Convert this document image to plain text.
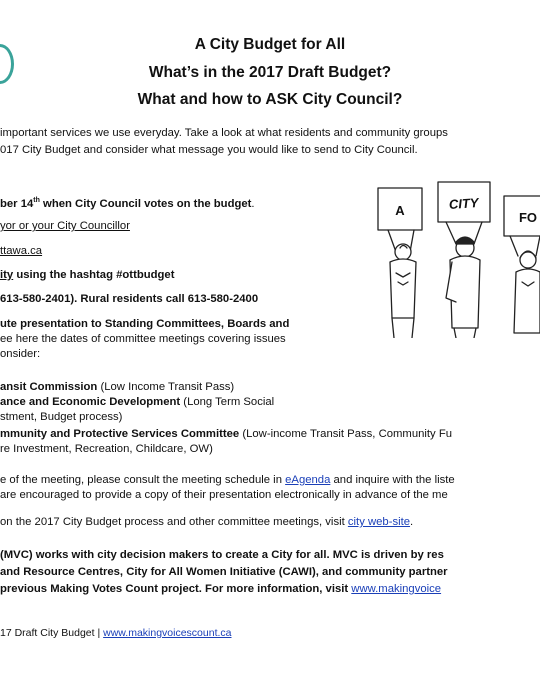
A City Budget for All
What’s in the 2017 Draft Budget?
What and how to ASK City Council?
important services we use everyday. Take a look at what residents and community groups
017 City Budget and consider what message you would like to send to City Council.
ber 14th when City Council votes on the budget.
yor or your City Councillor
ttawa.ca
ity using the hashtag #ottbudget
613-580-2401). Rural residents call 613-580-2400
ute presentation to Standing Committees, Boards and
ee here the dates of committee meetings covering issues
onsider:
ansit Commission (Low Income Transit Pass)
ance and Economic Development (Long Term Social
stment, Budget process)
mmunity and Protective Services Committee (Low-income Transit Pass, Community Fu
re Investment, Recreation, Childcare, OW)
e of the meeting, please consult the meeting schedule in eAgenda and inquire with the liste
are encouraged to provide a copy of their presentation electronically in advance of the me
on the 2017 City Budget process and other committee meetings, visit city web-site.
(MVC) works with city decision makers to create a City for all. MVC is driven by res
and Resource Centres, City for All Women Initiative (CAWI), and community partner
previous Making Votes Count project. For more information, visit www.makingvoice
17 Draft City Budget | www.makingvoicescount.ca
A	CITY
FO
